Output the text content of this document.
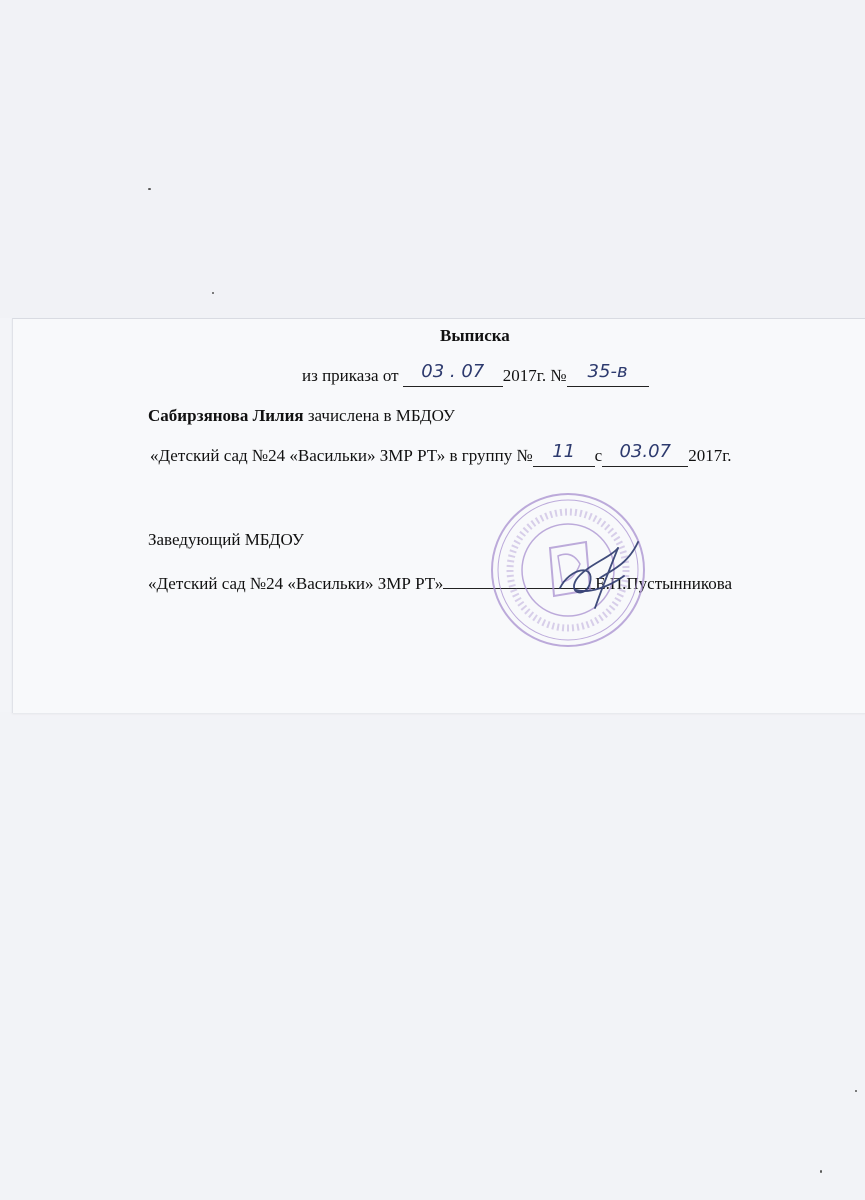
Выписка
из приказа от 03 . 07 2017г. № 35-в
Сабирзянова Лилия зачислена в МБДОУ
«Детский сад №24 «Васильки» ЗМР РТ» в группу № 11 с 03.07 2017г.
Заведующий МБДОУ
«Детский сад №24 «Васильки» ЗМР РТ»	Е.П.Пустынникова
